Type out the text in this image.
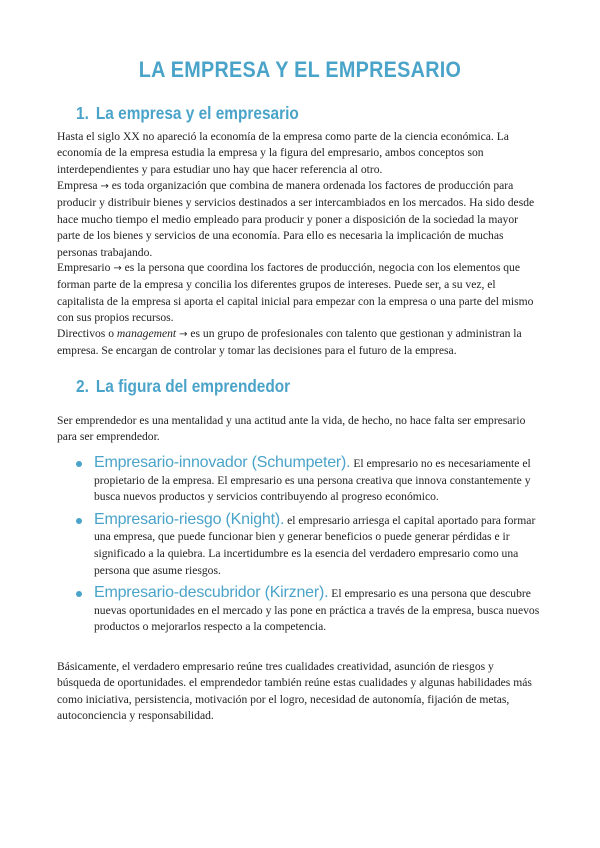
LA EMPRESA Y EL EMPRESARIO
1. La empresa y el empresario

Hasta el siglo XX no apareció la economía de la empresa como parte de la ciencia económica. La economía de la empresa estudia la empresa y la figura del empresario, ambos conceptos son interdependientes y para estudiar uno hay que hacer referencia al otro.

Empresa → es toda organización que combina de manera ordenada los factores de producción para producir y distribuir bienes y servicios destinados a ser intercambiados en los mercados. Ha sido desde hace mucho tiempo el medio empleado para producir y poner a disposición de la sociedad la mayor parte de los bienes y servicios de una economía. Para ello es necesaria la implicación de muchas personas trabajando.

Empresario → es la persona que coordina los factores de producción, negocia con los elementos que forman parte de la empresa y concilia los diferentes grupos de intereses. Puede ser, a su vez, el capitalista de la empresa si aporta el capital inicial para empezar con la empresa o una parte del mismo con sus propios recursos.

Directivos o management → es un grupo de profesionales con talento que gestionan y administran la empresa. Se encargan de controlar y tomar las decisiones para el futuro de la empresa.

2. La figura del emprendedor

Ser emprendedor es una mentalidad y una actitud ante la vida, de hecho, no hace falta ser empresario para ser emprendedor.

Empresario-innovador (Schumpeter). El empresario no es necesariamente el propietario de la empresa. El empresario es una persona creativa que innova constantemente y busca nuevos productos y servicios contribuyendo al progreso económico.
Empresario-riesgo (Knight). el empresario arriesga el capital aportado para formar una empresa, que puede funcionar bien y generar beneficios o puede generar pérdidas e ir significado a la quiebra. La incertidumbre es la esencia del verdadero empresario como una persona que asume riesgos.
Empresario-descubridor (Kirzner). El empresario es una persona que descubre nuevas oportunidades en el mercado y las pone en práctica a través de la empresa, busca nuevos productos o mejorarlos respecto a la competencia.

Básicamente, el verdadero empresario reúne tres cualidades creatividad, asunción de riesgos y búsqueda de oportunidades. el emprendedor también reúne estas cualidades y algunas habilidades más como iniciativa, persistencia, motivación por el logro, necesidad de autonomía, fijación de metas, autoconciencia y responsabilidad.
